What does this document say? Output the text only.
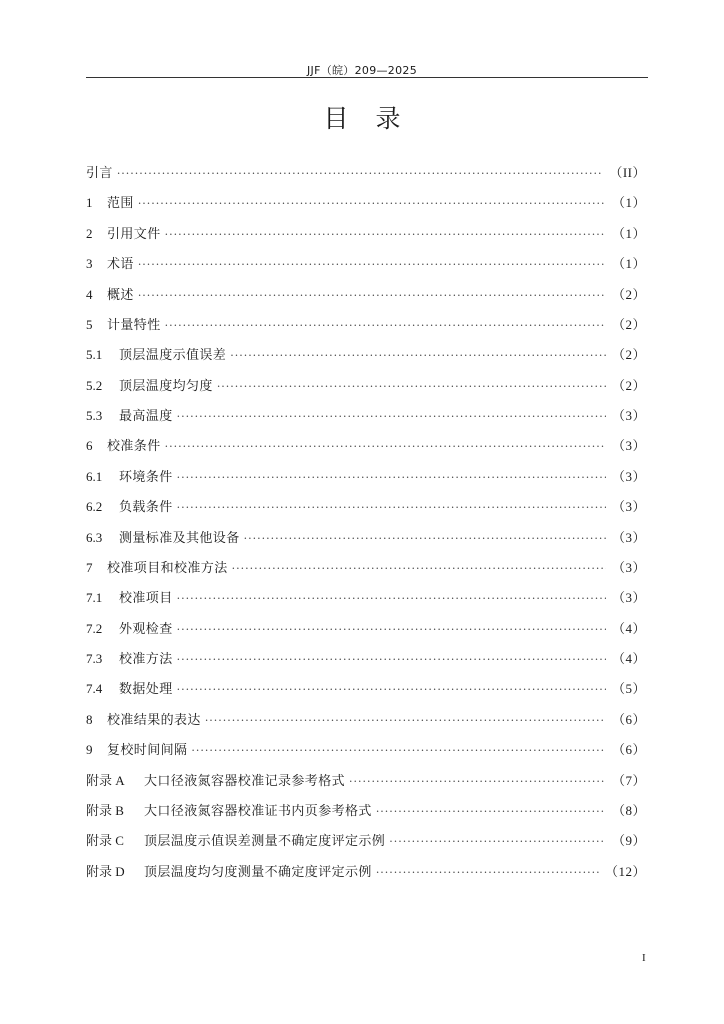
JJF（皖）209—2025
目录
引言 ·····	（II）
1	范围 ·····	（1）
2	引用文件 ·····	（1）
3	术语 ·····	（1）
4	概述 ·····	（2）
5	计量特性 ·····	（2）
5.1	顶层温度示值误差 ·····	（2）
5.2	顶层温度均匀度 ·····	（2）
5.3	最高温度 ·····	（3）
6	校准条件 ·····	（3）
6.1	环境条件 ·····	（3）
6.2	负载条件 ·····	（3）
6.3	测量标准及其他设备 ·····	（3）
7	校准项目和校准方法 ·····	（3）
7.1	校准项目 ·····	（3）
7.2	外观检查 ·····	（4）
7.3	校准方法 ·····	（4）
7.4	数据处理 ·····	（5）
8	校准结果的表达 ·····	（6）
9	复校时间间隔 ·····	（6）
附录 A	大口径液氮容器校准记录参考格式 ·····	（7）
附录 B	大口径液氮容器校准证书内页参考格式 ·····	（8）
附录 C	顶层温度示值误差测量不确定度评定示例 ·····	（9）
附录 D	顶层温度均匀度测量不确定度评定示例 ·····	（12）
I
